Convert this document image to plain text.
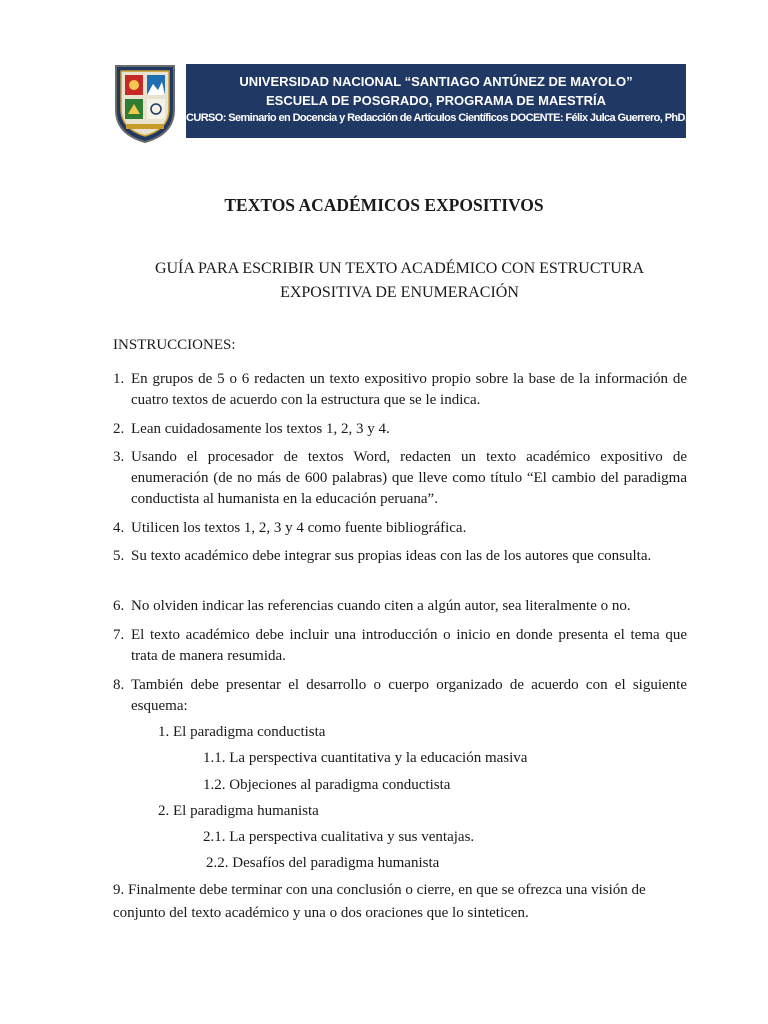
UNIVERSIDAD NACIONAL “SANTIAGO ANTÚNEZ DE MAYOLO”
ESCUELA DE POSGRADO, PROGRAMA DE MAESTRÍA
CURSO: Seminario en Docencia y Redacción de Artículos Científicos DOCENTE: Félix Julca Guerrero, PhD.
TEXTOS ACADÉMICOS EXPOSITIVOS
GUÍA PARA ESCRIBIR UN TEXTO ACADÉMICO CON ESTRUCTURA
EXPOSITIVA DE ENUMERACIÓN
INSTRUCCIONES:
1. En grupos de 5 o 6 redacten un texto expositivo propio sobre la base de la información de cuatro textos de acuerdo con la estructura que se le indica.
2. Lean cuidadosamente los textos 1, 2, 3 y 4.
3. Usando el procesador de textos Word, redacten un texto académico expositivo de enumeración (de no más de 600 palabras) que lleve como título “El cambio del paradigma conductista al humanista en la educación peruana”.
4. Utilicen los textos 1, 2, 3 y 4 como fuente bibliográfica.
5. Su texto académico debe integrar sus propias ideas con las de los autores que consulta.
6. No olviden indicar las referencias cuando citen a algún autor, sea literalmente o no.
7. El texto académico debe incluir una introducción o inicio en donde presenta el tema que trata de manera resumida.
8. También debe presentar el desarrollo o cuerpo organizado de acuerdo con el siguiente esquema:
1. El paradigma conductista
1.1. La perspectiva cuantitativa y la educación masiva
1.2. Objeciones al paradigma conductista
2. El paradigma humanista
2.1. La perspectiva cualitativa y sus ventajas.
2.2. Desafíos del paradigma humanista
9. Finalmente debe terminar con una conclusión o cierre, en que se ofrezca una visión de conjunto del texto académico y una o dos oraciones que lo sinteticen.
